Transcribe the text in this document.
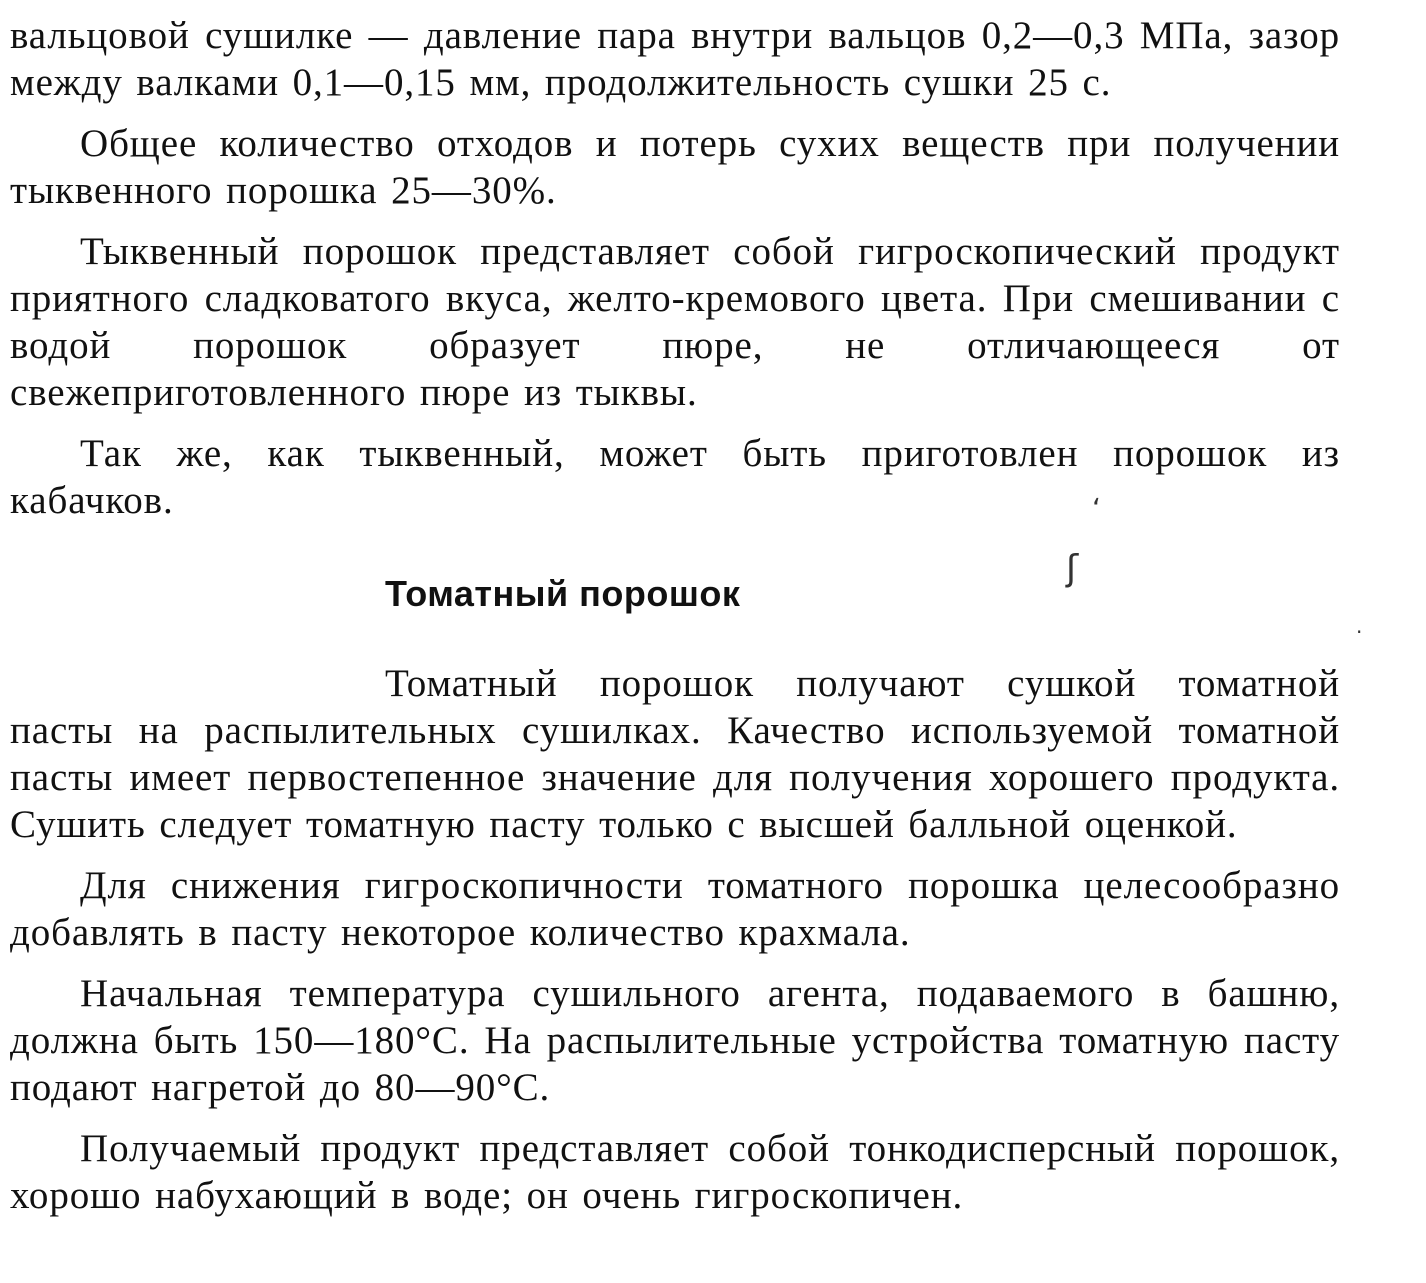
вальцовой сушилке — давление пара внутри вальцов 0,2—0,3 МПа, зазор между валками 0,1—0,15 мм, продолжительность сушки 25 с.

Общее количество отходов и потерь сухих веществ при получении тыквенного порошка 25—30%.

Тыквенный порошок представляет собой гигроскопический продукт приятного сладковатого вкуса, желто-кремового цвета. При смешивании с водой порошок образует пюре, не отличающееся от свежеприготовленного пюре из тыквы.

Так же, как тыквенный, может быть приготовлен порошок из кабачков.

Томатный порошок

Томатный порошок получают сушкой томатной пасты на распылительных сушилках. Качество используемой томатной пасты имеет первостепенное значение для получения хорошего продукта. Сушить следует томатную пасту только с высшей балльной оценкой.

Для снижения гигроскопичности томатного порошка целесообразно добавлять в пасту некоторое количество крахмала.

Начальная температура сушильного агента, подаваемого в башню, должна быть 150—180°С. На распылительные устройства томатную пасту подают нагретой до 80—90°С.

Получаемый продукт представляет собой тонкодисперсный порошок, хорошо набухающий в воде; он очень гигроскопичен.

ʻ
ʃ
·
